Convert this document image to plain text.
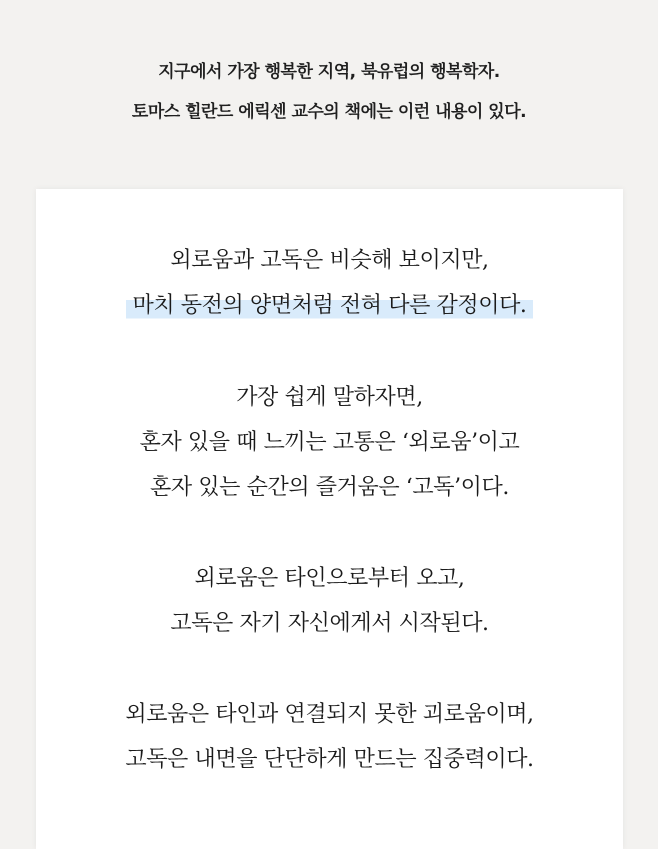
지구에서 가장 행복한 지역, 북유럽의 행복학자.
토마스 힐란드 에릭센 교수의 책에는 이런 내용이 있다.
외로움과 고독은 비슷해 보이지만,
마치 동전의 양면처럼 전혀 다른 감정이다.
가장 쉽게 말하자면,
혼자 있을 때 느끼는 고통은 ‘외로움’이고
혼자 있는 순간의 즐거움은 ‘고독’이다.
외로움은 타인으로부터 오고,
고독은 자기 자신에게서 시작된다.
외로움은 타인과 연결되지 못한 괴로움이며,
고독은 내면을 단단하게 만드는 집중력이다.
